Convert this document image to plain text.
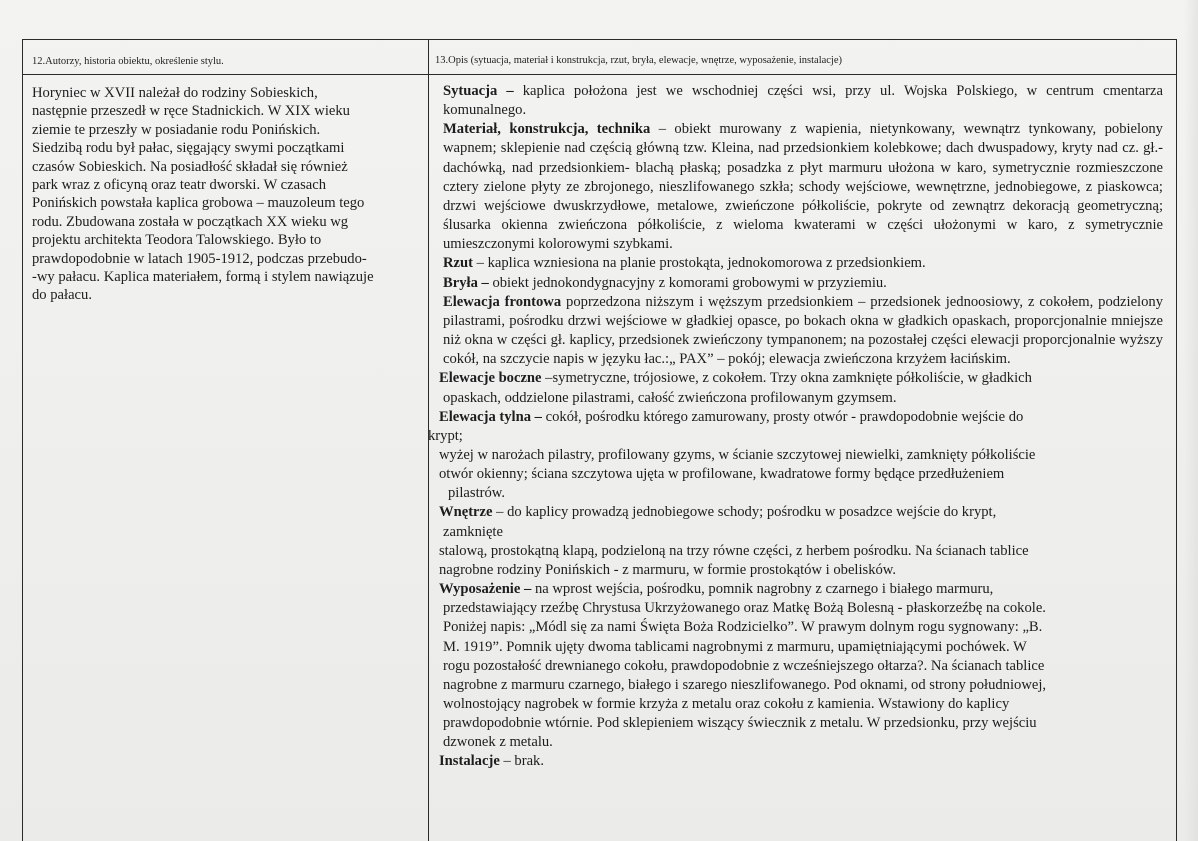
12.Autorzy, historia obiektu, określenie stylu.	13.Opis (sytuacja, materiał i konstrukcja, rzut, bryła, elewacje, wnętrze, wyposażenie, instalacje)

Horyniec w XVII należał do rodziny Sobieskich,

następnie przeszedł w ręce Stadnickich. W XIX wieku

ziemie te przeszły w posiadanie rodu Ponińskich.

Siedzibą rodu był pałac, sięgający swymi początkami

czasów Sobieskich. Na posiadłość składał się również

park wraz z oficyną oraz teatr dworski. W czasach

Ponińskich powstała kaplica grobowa – mauzoleum tego

rodu. Zbudowana została w początkach XX wieku wg

projektu architekta Teodora Talowskiego. Było to

prawdopodobnie w latach 1905-1912, podczas przebudo-

-wy pałacu. Kaplica materiałem, formą i stylem nawiązuje

do pałacu.

Sytuacja – kaplica położona jest we wschodniej części wsi, przy ul. Wojska Polskiego, w centrum cmentarza komunalnego.

Materiał, konstrukcja, technika – obiekt murowany z wapienia, nietynkowany, wewnątrz tynkowany, pobielony wapnem; sklepienie nad częścią główną tzw. Kleina, nad przedsionkiem kolebkowe; dach dwuspadowy, kryty nad cz. gł.- dachówką, nad przedsionkiem- blachą płaską; posadzka z płyt marmuru ułożona w karo, symetrycznie rozmieszczone cztery zielone płyty ze zbrojonego, nieszlifowanego szkła; schody wejściowe, wewnętrzne, jednobiegowe, z piaskowca; drzwi wejściowe dwuskrzydłowe, metalowe, zwieńczone półkoliście, pokryte od zewnątrz dekoracją geometryczną; ślusarka okienna zwieńczona półkoliście, z wieloma kwaterami w części ułożonymi w karo, z symetrycznie umieszczonymi kolorowymi szybkami.

Rzut – kaplica wzniesiona na planie prostokąta, jednokomorowa z przedsionkiem.

Bryła – obiekt jednokondygnacyjny z komorami grobowymi w przyziemiu.

Elewacja frontowa poprzedzona niższym i węższym przedsionkiem – przedsionek jednoosiowy, z cokołem, podzielony pilastrami, pośrodku drzwi wejściowe w gładkiej opasce, po bokach okna w gładkich opaskach, proporcjonalnie mniejsze niż okna w części gł. kaplicy, przedsionek zwieńczony tympanonem; na pozostałej części elewacji proporcjonalnie wyższy cokół, na szczycie napis w języku łac.:„ PAX” – pokój; elewacja zwieńczona krzyżem łacińskim.

Elewacje boczne –symetryczne, trójosiowe, z cokołem. Trzy okna zamknięte półkoliście, w gładkich

opaskach, oddzielone pilastrami, całość zwieńczona profilowanym gzymsem.

Elewacja tylna – cokół, pośrodku którego zamurowany, prosty otwór - prawdopodobnie wejście do

krypt;

wyżej w narożach pilastry, profilowany gzyms, w ścianie szczytowej niewielki, zamknięty półkoliście

otwór okienny; ściana szczytowa ujęta w profilowane, kwadratowe formy będące przedłużeniem

pilastrów.

Wnętrze – do kaplicy prowadzą jednobiegowe schody; pośrodku w posadzce wejście do krypt,

zamknięte

stalową, prostokątną klapą, podzieloną na trzy równe części, z herbem pośrodku. Na ścianach tablice

nagrobne rodziny Ponińskich - z marmuru, w formie prostokątów i obelisków.

Wyposażenie – na wprost wejścia, pośrodku, pomnik nagrobny z czarnego i białego marmuru,

przedstawiający rzeźbę Chrystusa Ukrzyżowanego oraz Matkę Bożą Bolesną - płaskorzeźbę na cokole.

Poniżej napis: „Módl się za nami Święta Boża Rodzicielko”. W prawym dolnym rogu sygnowany: „B.

M. 1919”. Pomnik ujęty dwoma tablicami nagrobnymi z marmuru, upamiętniającymi pochówek. W

rogu pozostałość drewnianego cokołu, prawdopodobnie z wcześniejszego ołtarza?. Na ścianach tablice

nagrobne z marmuru czarnego, białego i szarego nieszlifowanego. Pod oknami, od strony południowej,

wolnostojący nagrobek w formie krzyża z metalu oraz cokołu z kamienia. Wstawiony do kaplicy

prawdopodobnie wtórnie. Pod sklepieniem wiszący świecznik z metalu. W przedsionku, przy wejściu

dzwonek z metalu.

Instalacje – brak.
